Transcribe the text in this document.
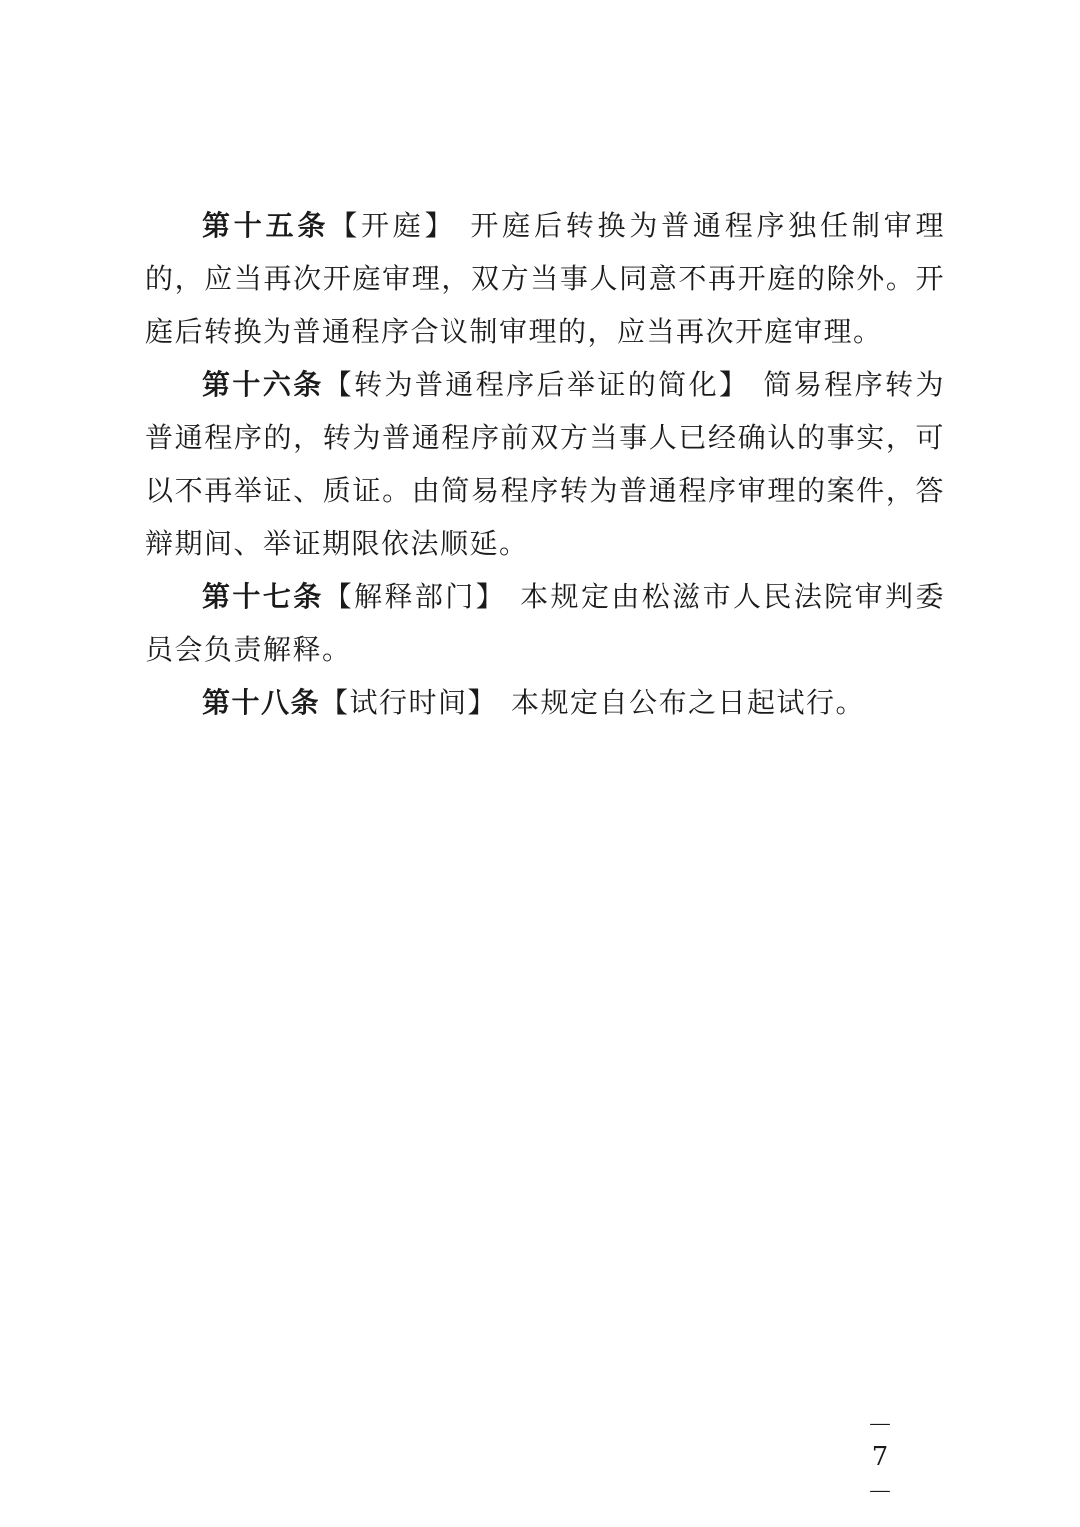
第十五条【开庭】 开庭后转换为普通程序独任制审理的，应当再次开庭审理，双方当事人同意不再开庭的除外。开庭后转换为普通程序合议制审理的，应当再次开庭审理。

第十六条【转为普通程序后举证的简化】 简易程序转为普通程序的，转为普通程序前双方当事人已经确认的事实，可以不再举证、质证。由简易程序转为普通程序审理的案件，答辩期间、举证期限依法顺延。

第十七条【解释部门】 本规定由松滋市人民法院审判委员会负责解释。

第十八条【试行时间】 本规定自公布之日起试行。

－ 7 －
